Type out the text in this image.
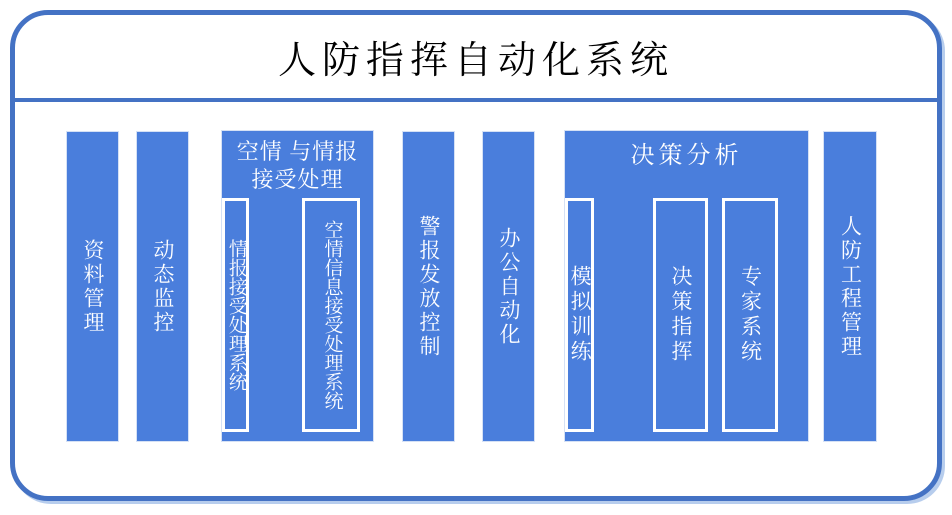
人防指挥自动化系统
资料管理 动态监控
空情 与情报
接受处理
空情信息接受处理系统
情报接受处理系统	警报发放控制	办公自动化
决策分析
决策指挥 专家系统
模拟训练	人防工程管理
